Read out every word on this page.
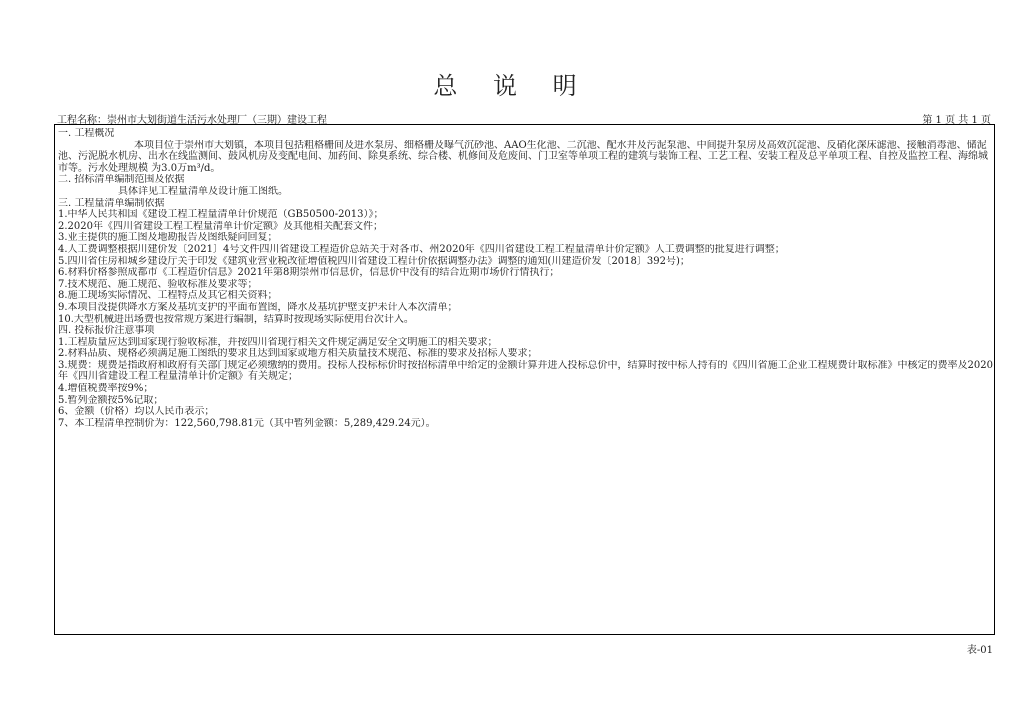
总 说 明
工程名称：崇州市大划街道生活污水处理厂（三期）建设工程	第 1 页 共 1 页
一. 工程概况
本项目位于崇州市大划镇，本项目包括粗格栅间及进水泵房、细格栅及曝气沉砂池、AAO生化池、二沉池、配水井及污泥泵池、中间提升泵房及高效沉淀池、反硝化深床滤池、接触消毒池、储泥池、污泥脱水机房、出水在线监测间、鼓风机房及变配电间、加药间、除臭系统、综合楼、机修间及危废间、门卫室等单项工程的建筑与装饰工程、工艺工程、安装工程及总平单项工程、自控及监控工程、海绵城市等。污水处理规模 为3.0万m³/d。
二. 招标清单编制范围及依据
具体详见工程量清单及设计施工图纸。
三. 工程量清单编制依据
1.中华人民共和国《建设工程工程量清单计价规范（GB50500-2013）》；
2.2020年《四川省建设工程工程量清单计价定额》及其他相关配套文件；
3.业主提供的施工图及地勘报告及图纸疑问回复；
4.人工费调整根据川建价发〔2021〕4号文件四川省建设工程造价总站关于对各市、州2020年《四川省建设工程工程量清单计价定额》人工费调整的批复进行调整；
5.四川省住房和城乡建设厅关于印发《建筑业营业税改征增值税四川省建设工程计价依据调整办法》调整的通知(川建造价发〔2018〕392号)；
6.材料价格参照成都市《工程造价信息》2021年第8期崇州市信息价，信息价中没有的结合近期市场价行情执行；
7.技术规范、施工规范、验收标准及要求等；
8.施工现场实际情况、工程特点及其它相关资料；
9.本项目没提供降水方案及基坑支护的平面布置图，降水及基坑护壁支护未计入本次清单；
10.大型机械进出场费也按常规方案进行编制，结算时按现场实际使用台次计入。
四. 投标报价注意事项
1.工程质量应达到国家现行验收标准，并按四川省现行相关文件规定满足安全文明施工的相关要求；
2.材料品质、规格必须满足施工图纸的要求且达到国家或地方相关质量技术规范、标准的要求及招标人要求；
3.规费：规费是指政府和政府有关部门规定必须缴纳的费用。投标人投标标价时按招标清单中给定的金额计算并进入投标总价中，结算时按中标人持有的《四川省施工企业工程规费计取标准》中核定的费率及2020年《四川省建设工程工程量清单计价定额》有关规定；
4.增值税费率按9%；
5.暂列金额按5%记取；
6、金额（价格）均以人民币表示；
7、本工程清单控制价为：122,560,798.81元（其中暂列金额：5,289,429.24元）。
表-01
